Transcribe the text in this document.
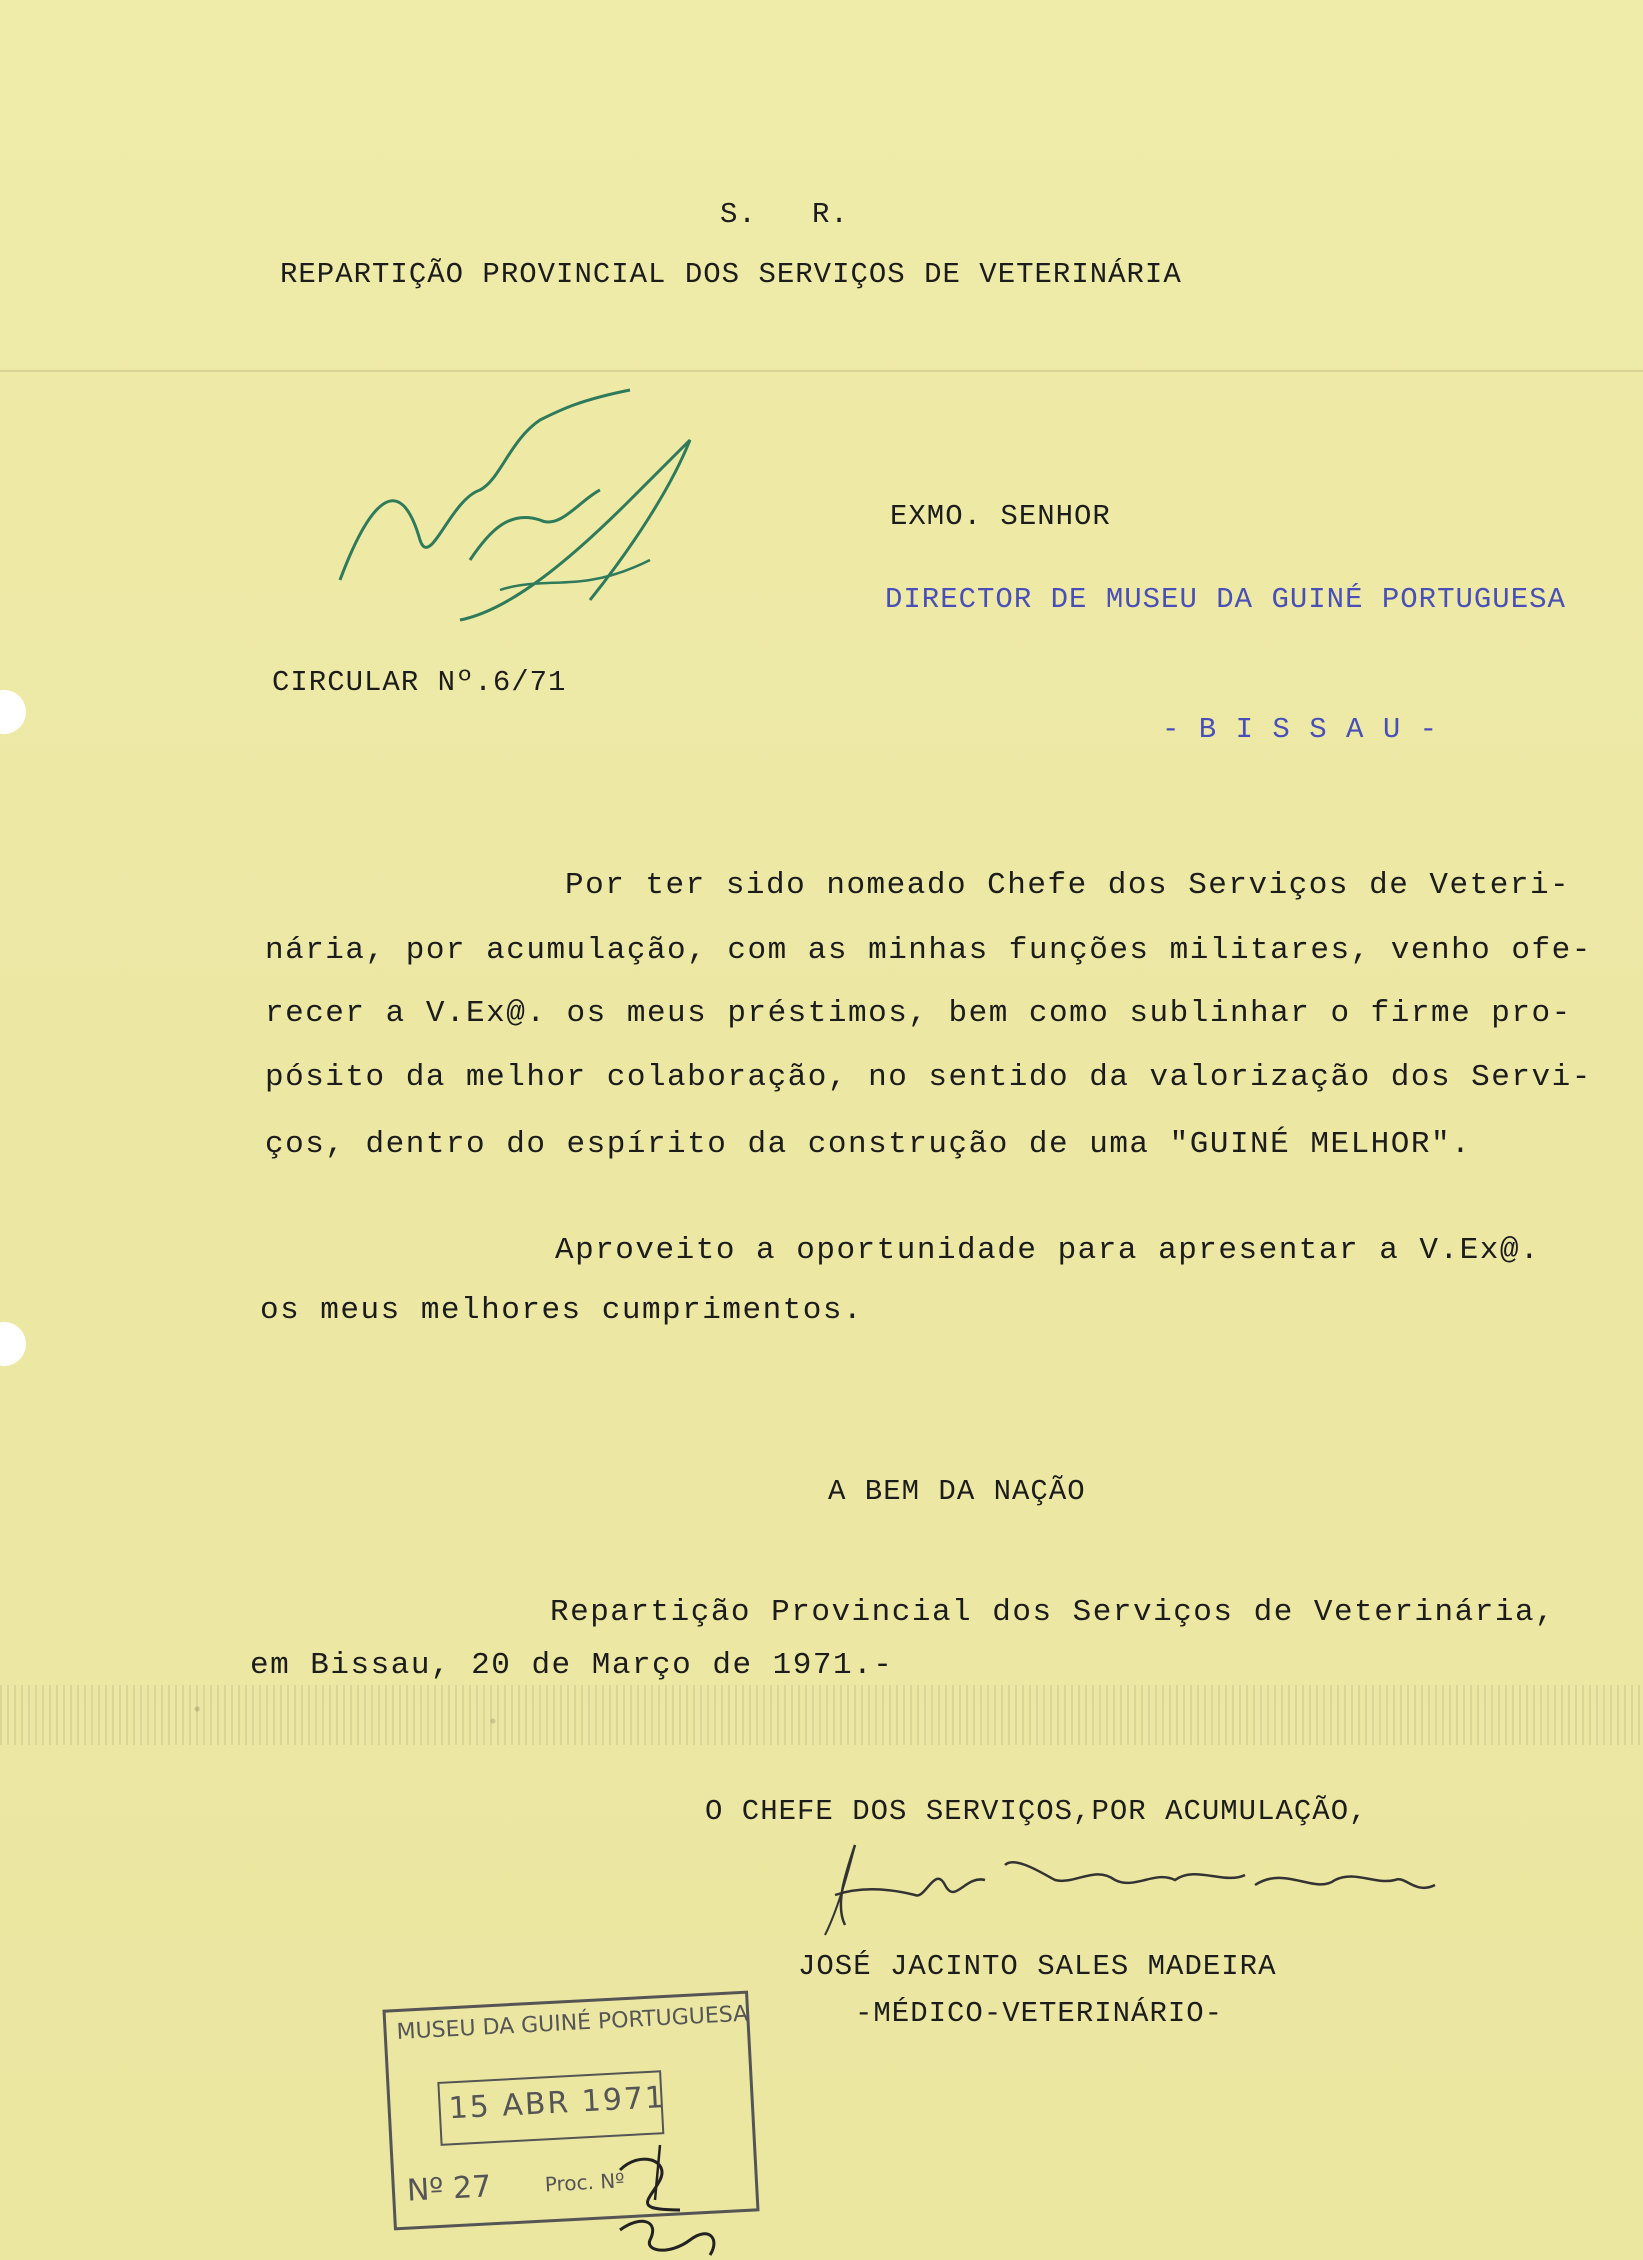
S.   R.

REPARTIÇÃO PROVINCIAL DOS SERVIÇOS DE VETERINÁRIA

EXMO. SENHOR

DIRECTOR DE MUSEU DA GUINÉ PORTUGUESA

- B I S S A U -

CIRCULAR Nº.6/71

Por ter sido nomeado Chefe dos Serviços de Veteri-

nária, por acumulação, com as minhas funções militares, venho ofe-

recer a V.Ex@. os meus préstimos, bem como sublinhar o firme pro-

pósito da melhor colaboração, no sentido da valorização dos Servi-

ços, dentro do espírito da construção de uma "GUINÉ MELHOR".

Aproveito a oportunidade para apresentar a V.Ex@.

os meus melhores cumprimentos.

A BEM DA NAÇÃO

Repartição Provincial dos Serviços de Veterinária,

em Bissau, 20 de Março de 1971.-

O CHEFE DOS SERVIÇOS,POR ACUMULAÇÃO,

JOSÉ JACINTO SALES MADEIRA

-MÉDICO-VETERINÁRIO-

MUSEU DA GUINÉ PORTUGUESA
15 ABR 1971
Nº 27	Proc. Nº
